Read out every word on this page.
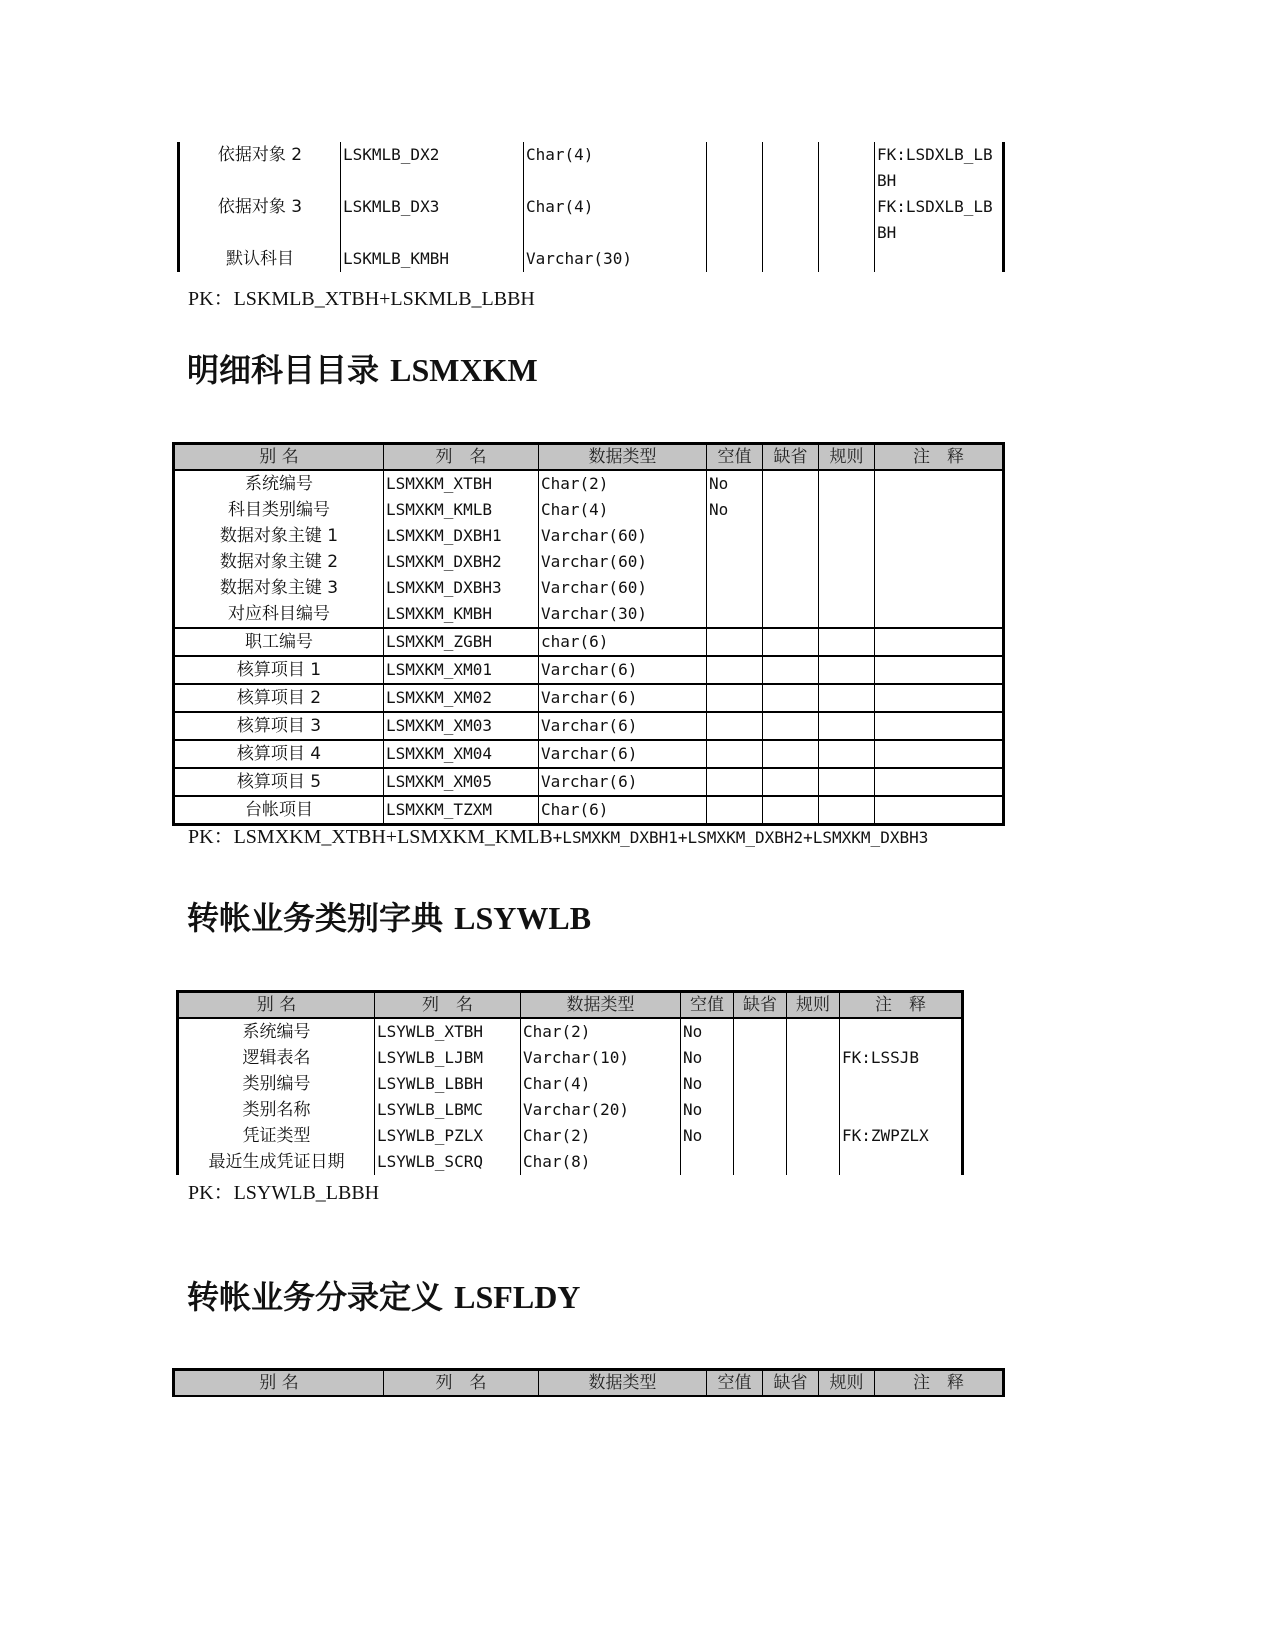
依据对象 2	LSKMLB_DX2	Char(4)				FK:LSDXLB_LB
BH

依据对象 3	LSKMLB_DX3	Char(4)				FK:LSDXLB_LB
BH

默认科目	LSKMLB_KMBH	Varchar(30)				
PK：LSKMLB_XTBH+LSKMLB_LBBH
明细科目目录 LSMXKM
别 名	列　名	数据类型	空值	缺省	规则	注　释
系统编号	LSMXKM_XTBH	Char(2)	No			
科目类别编号	LSMXKM_KMLB	Char(4)	No			
数据对象主键 1	LSMXKM_DXBH1	Varchar(60)				
数据对象主键 2	LSMXKM_DXBH2	Varchar(60)				
数据对象主键 3	LSMXKM_DXBH3	Varchar(60)				
对应科目编号	LSMXKM_KMBH	Varchar(30)				
职工编号	LSMXKM_ZGBH	char(6)				
核算项目 1	LSMXKM_XM01	Varchar(6)				
核算项目 2	LSMXKM_XM02	Varchar(6)				
核算项目 3	LSMXKM_XM03	Varchar(6)				
核算项目 4	LSMXKM_XM04	Varchar(6)				
核算项目 5	LSMXKM_XM05	Varchar(6)				
台帐项目	LSMXKM_TZXM	Char(6)				
PK：LSMXKM_XTBH+LSMXKM_KMLB+LSMXKM_DXBH1+LSMXKM_DXBH2+LSMXKM_DXBH3
转帐业务类别字典 LSYWLB
别 名	列　名	数据类型	空值	缺省	规则	注　释
系统编号	LSYWLB_XTBH	Char(2)	No			
逻辑表名	LSYWLB_LJBM	Varchar(10)	No			FK:LSSJB
类别编号	LSYWLB_LBBH	Char(4)	No			
类别名称	LSYWLB_LBMC	Varchar(20)	No			
凭证类型	LSYWLB_PZLX	Char(2)	No			FK:ZWPZLX
最近生成凭证日期	LSYWLB_SCRQ	Char(8)				
PK：LSYWLB_LBBH
转帐业务分录定义 LSFLDY
别 名	列　名	数据类型	空值	缺省	规则	注　释
